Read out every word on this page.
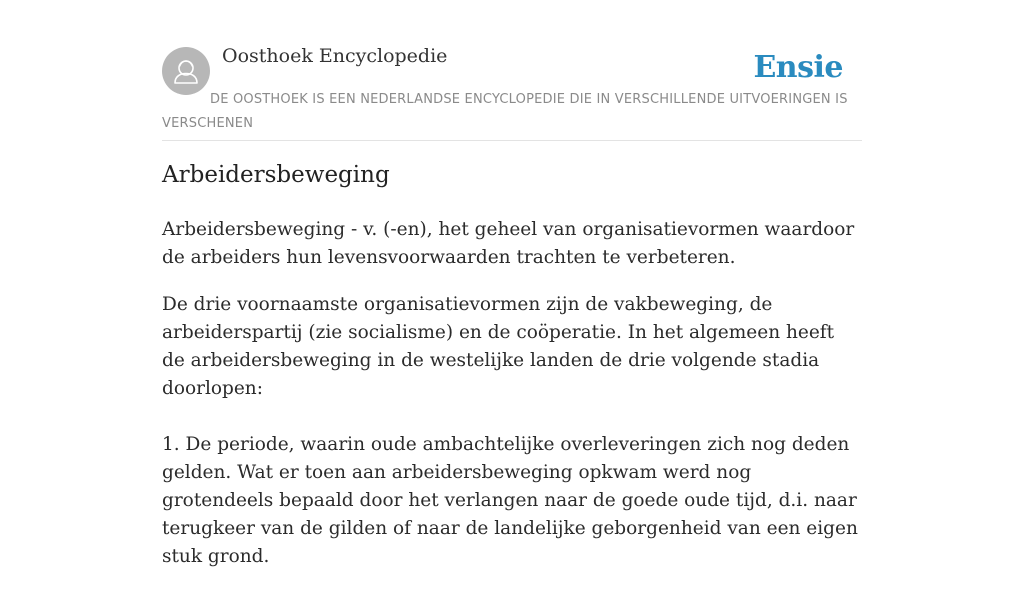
Oosthoek Encyclopedie	Ensie
DE OOSTHOEK IS EEN NEDERLANDSE ENCYCLOPEDIE DIE IN VERSCHILLENDE UITVOERINGEN IS VERSCHENEN
Arbeidersbeweging

Arbeidersbeweging - v. (-en), het geheel van organisatievormen waardoor de arbeiders hun levensvoorwaarden trachten te verbeteren.

De drie voornaamste organisatievormen zijn de vakbeweging, de arbeiderspartij (zie socialisme) en de coöperatie. In het algemeen heeft de arbeidersbeweging in de westelijke landen de drie volgende stadia doorlopen:

1. De periode, waarin oude ambachtelijke overleveringen zich nog deden gelden. Wat er toen aan arbeidersbeweging opkwam werd nog grotendeels bepaald door het verlangen naar de goede oude tijd, d.i. naar terugkeer van de gilden of naar de landelijke geborgenheid van een eigen stuk grond.
